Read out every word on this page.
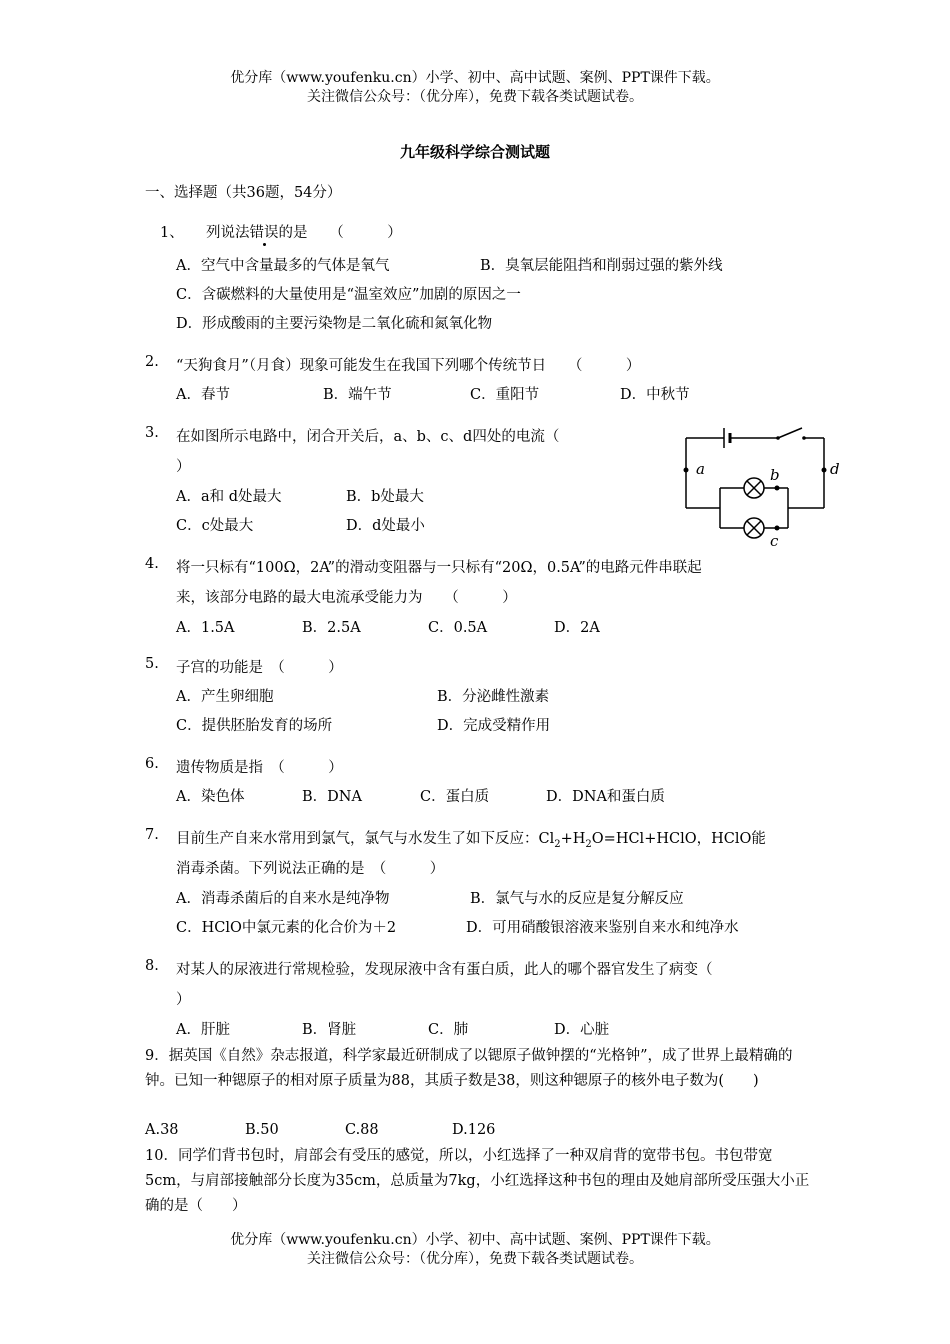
优分库（www.youfenku.cn）小学、初中、高中试题、案例、PPT课件下载。
关注微信公众号：（优分库），免费下载各类试题试卷。
九年级科学综合测试题
一、选择题（共36题，54分）
1、 列说法错误的是　　（　　　）
A．空气中含量最多的气体是氧气	B．臭氧层能阻挡和削弱过强的紫外线
C．含碳燃料的大量使用是“温室效应”加剧的原因之一
D．形成酸雨的主要污染物是二氧化硫和氮氧化物
2. “天狗食月”（月食）现象可能发生在我国下列哪个传统节日　　（　　　）
A．春节	B．端午节	C．重阳节	D．中秋节
3. 在如图所示电路中，闭合开关后，a、b、c、d四处的电流（
）
A．a和 d处最大	B．b处最大
C．c处最大	D．d处最小
a	b
c
d
4. 将一只标有“100Ω，2A”的滑动变阻器与一只标有“20Ω，0.5A”的电路元件串联起
来，该部分电路的最大电流承受能力为　　（　　　）
A．1.5A	B．2.5A	C．0.5A	D．2A
5. 子宫的功能是　（　　　）
A．产生卵细胞	B．分泌雌性激素
C．提供胚胎发育的场所	D．完成受精作用
6. 遗传物质是指　（　　　）
A．染色体	B．DNA	C．蛋白质	D．DNA和蛋白质
7. 目前生产自来水常用到氯气，氯气与水发生了如下反应：$Cl_2+H_2O=HCl+HClO$，HClO能
消毒杀菌。下列说法正确的是　（　　　）
A．消毒杀菌后的自来水是纯净物	B．氯气与水的反应是复分解反应
C．HClO中氯元素的化合价为＋2	D．可用硝酸银溶液来鉴别自来水和纯净水
8. 对某人的尿液进行常规检验，发现尿液中含有蛋白质，此人的哪个器官发生了病变（
）
A．肝脏	B．肾脏	C．肺	D．心脏
9．据英国《自然》杂志报道，科学家最近研制成了以锶原子做钟摆的“光格钟”，成了世界上最精确的钟。已知一种锶原子的相对原子质量为88，其质子数是38，则这种锶原子的核外电子数为(　　)
A.38	B.50	C.88	D.126
10．同学们背书包时，肩部会有受压的感觉，所以，小红选择了一种双肩背的宽带书包。书包带宽5cm，与肩部接触部分长度为35cm，总质量为7kg，小红选择这种书包的理由及她肩部所受压强大小正确的是（　　）
优分库（www.youfenku.cn）小学、初中、高中试题、案例、PPT课件下载。
关注微信公众号：（优分库），免费下载各类试题试卷。
